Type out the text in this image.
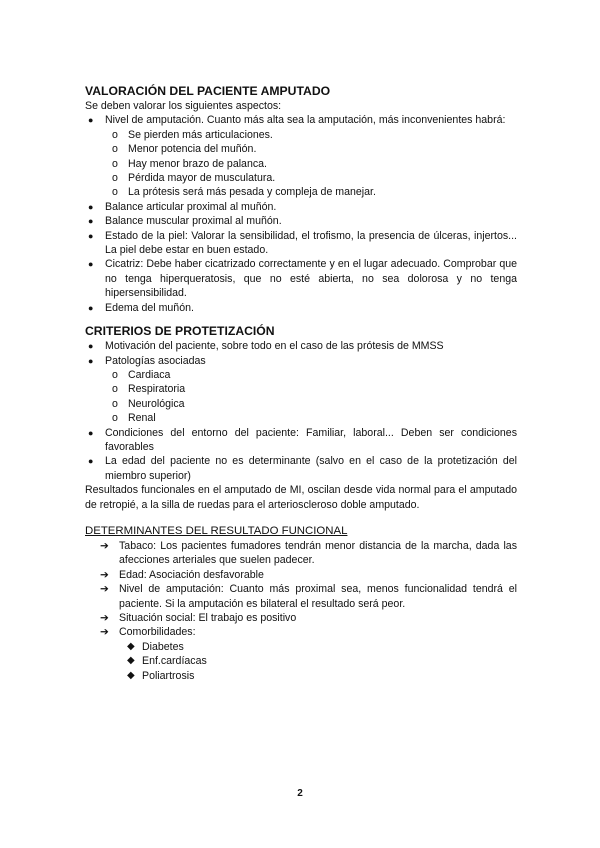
VALORACIÓN DEL PACIENTE AMPUTADO
Se deben valorar los siguientes aspectos:
● Nivel de amputación. Cuanto más alta sea la amputación, más inconvenientes habrá:
o Se pierden más articulaciones.
o Menor potencia del muñón.
o Hay menor brazo de palanca.
o Pérdida mayor de musculatura.
o La prótesis será más pesada y compleja de manejar.
● Balance articular proximal al muñón.
● Balance muscular proximal al muñón.
● Estado de la piel: Valorar la sensibilidad, el trofismo, la presencia de úlceras, injertos... La piel debe estar en buen estado.
● Cicatriz: Debe haber cicatrizado correctamente y en el lugar adecuado. Comprobar que no tenga hiperqueratosis, que no esté abierta, no sea dolorosa y no tenga hipersensibilidad.
● Edema del muñón.
CRITERIOS DE PROTETIZACIÓN
● Motivación del paciente, sobre todo en el caso de las prótesis de MMSS
● Patologías asociadas
o Cardiaca
o Respiratoria
o Neurológica
o Renal
● Condiciones del entorno del paciente: Familiar, laboral... Deben ser condiciones favorables
● La edad del paciente no es determinante (salvo en el caso de la protetización del miembro superior)
Resultados funcionales en el amputado de MI, oscilan desde vida normal para el amputado de retropié, a la silla de ruedas para el arterioscleroso doble amputado.
DETERMINANTES DEL RESULTADO FUNCIONAL
➔ Tabaco: Los pacientes fumadores tendrán menor distancia de la marcha, dada las afecciones arteriales que suelen padecer.
➔ Edad: Asociación desfavorable
➔ Nivel de amputación: Cuanto más proximal sea, menos funcionalidad tendrá el paciente. Si la amputación es bilateral el resultado será peor.
➔ Situación social: El trabajo es positivo
➔ Comorbilidades:
◆ Diabetes
◆ Enf.cardíacas
◆ Poliartrosis
2
